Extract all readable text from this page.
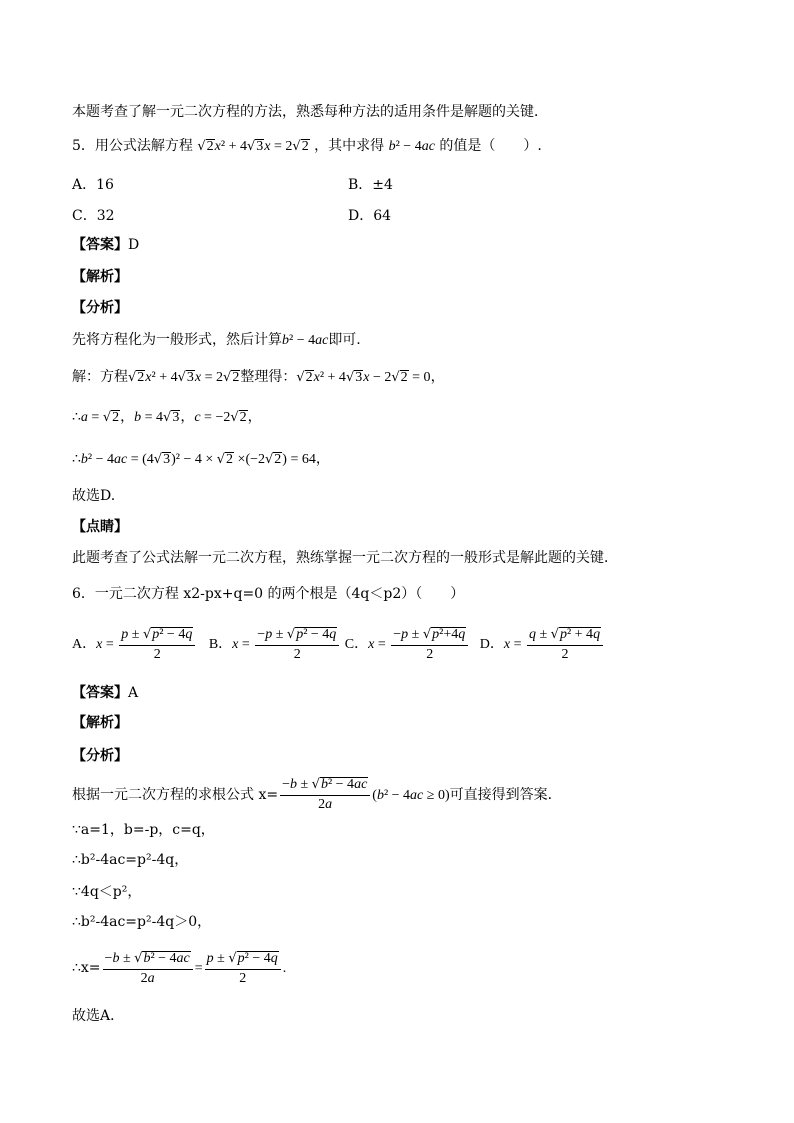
本题考查了解一元二次方程的方法，熟悉每种方法的适用条件是解题的关键．
5．用公式法解方程 √2x² + 4√3x = 2√2 ，其中求得 b² − 4ac 的值是（　　）.
A．16	B．±4
C．32	D．64
【答案】D
【解析】
【分析】
先将方程化为一般形式，然后计算b² − 4ac即可.
解：方程√2x² + 4√3x = 2√2整理得：√2x² + 4√3x − 2√2 = 0，
∴a = √2，b = 4√3，c = −2√2，
∴b² − 4ac = (4√3)² − 4 × √2 ×(−2√2) = 64，
故选D.
【点睛】
此题考查了公式法解一元二次方程，熟练掌握一元二次方程的一般形式是解此题的关键．
6．一元二次方程 x2-px+q=0 的两个根是（4q＜p2）（　　）
A．$x = \frac{\text{p ± √p² − 4q}}{2}$ B．$x = \frac{\text{−p ± √p² − 4q}}{2}$ C．$x = \frac{\text{−p ± √p²+4q}}{2}$ D．$x = \frac{\text{q ± √p² + 4q}}{2}$
【答案】A
【解析】
【分析】
根据一元二次方程的求根公式 $x= \frac{\text{−b ± √b² − 4ac}}{2a} (b^2 - 4ac \ge 0)$可直接得到答案．
∵a=1，b=-p，c=q，
∴b²-4ac=p²-4q，
∵4q＜p²，
∴b²-4ac=p²-4q＞0，
∴x= $\frac{\text{−b ± √b² − 4ac}}{2a} = \frac{\text{p ± √p² − 4q}}{2}$ .
故选A．
